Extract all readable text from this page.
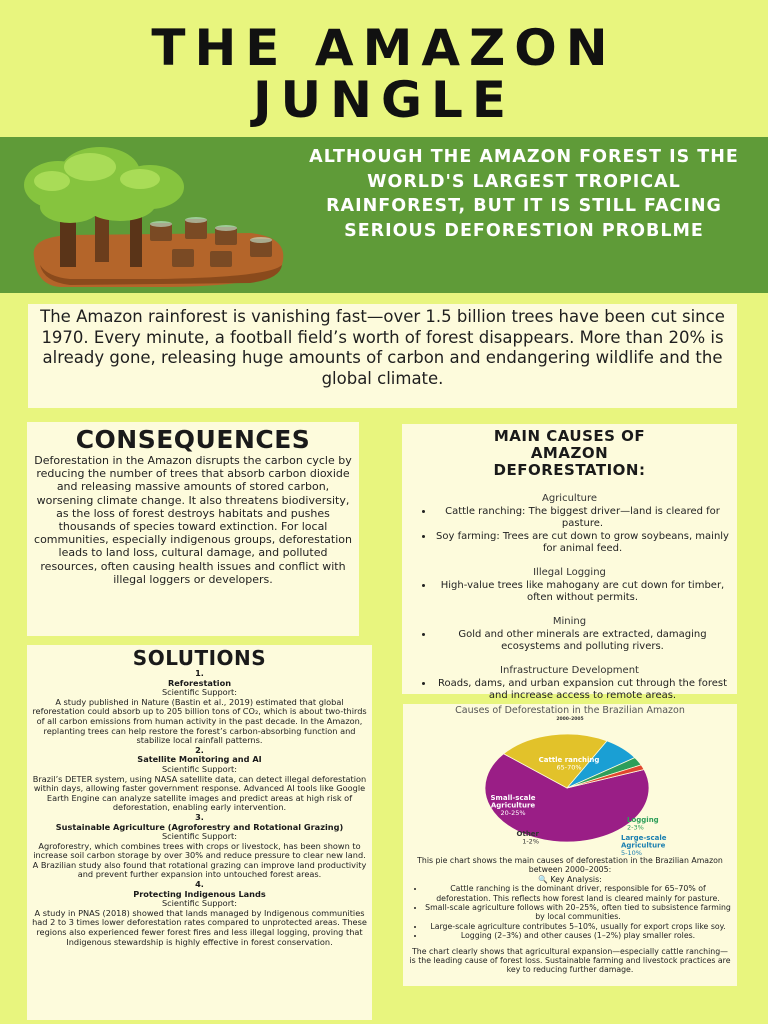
THE AMAZON
JUNGLE
ALTHOUGH THE AMAZON FOREST IS THE WORLD'S LARGEST TROPICAL RAINFOREST, BUT IT IS STILL FACING SERIOUS DEFORESTION PROBLME
The Amazon rainforest is vanishing fast—over 1.5 billion trees have been cut since 1970. Every minute, a football field’s worth of forest disappears. More than 20% is already gone, releasing huge amounts of carbon and endangering wildlife and the global climate.
CONSEQUENCES

Deforestation in the Amazon disrupts the carbon cycle by reducing the number of trees that absorb carbon dioxide and releasing massive amounts of stored carbon, worsening climate change. It also threatens biodiversity, as the loss of forest destroys habitats and pushes thousands of species toward extinction. For local communities, especially indigenous groups, deforestation leads to land loss, cultural damage, and polluted resources, often causing health issues and conflict with illegal loggers or developers.

MAIN CAUSES OF AMAZON DEFORESTATION:
Agriculture
• Cattle ranching: The biggest driver—land is cleared for pasture.
• Soy farming: Trees are cut down to grow soybeans, mainly for animal feed.
Illegal Logging
• High-value trees like mahogany are cut down for timber, often without permits.
Mining
• Gold and other minerals are extracted, damaging ecosystems and polluting rivers.
Infrastructure Development
• Roads, dams, and urban expansion cut through the forest and increase access to remote areas.
SOLUTIONS
1.
Reforestation
Scientific Support:
A study published in Nature (Bastin et al., 2019) estimated that global reforestation could absorb up to 205 billion tons of CO₂, which is about two-thirds of all carbon emissions from human activity in the past decade. In the Amazon, replanting trees can help restore the forest’s carbon-absorbing function and stabilize local rainfall patterns.
2.
Satellite Monitoring and AI
Scientific Support:
Brazil’s DETER system, using NASA satellite data, can detect illegal deforestation within days, allowing faster government response. Advanced AI tools like Google Earth Engine can analyze satellite images and predict areas at high risk of deforestation, enabling early intervention.
3.
Sustainable Agriculture (Agroforestry and Rotational Grazing)
Scientific Support:
Agroforestry, which combines trees with crops or livestock, has been shown to increase soil carbon storage by over 30% and reduce pressure to clear new land. A Brazilian study also found that rotational grazing can improve land productivity and prevent further expansion into untouched forest areas.
4.
Protecting Indigenous Lands
Scientific Support:
A study in PNAS (2018) showed that lands managed by Indigenous communities had 2 to 3 times lower deforestation rates compared to unprotected areas. These regions also experienced fewer forest fires and less illegal logging, proving that Indigenous stewardship is highly effective in forest conservation.
Causes of Deforestation in the Brazilian Amazon
2000–2005
Cattle ranching
65-70%
Small-scale
Agriculture
20-25%
Large-scale
Agriculture
5-10%
Logging
2-3%
Other
1-2%

This pie chart shows the main causes of deforestation in the Brazilian Amazon between 2000–2005:

🔍 Key Analysis:

• Cattle ranching is the dominant driver, responsible for 65–70% of deforestation. This reflects how forest land is cleared mainly for pasture.
• Small-scale agriculture follows with 20–25%, often tied to subsistence farming by local communities.
• Large-scale agriculture contributes 5–10%, usually for export crops like soy.
• Logging (2–3%) and other causes (1–2%) play smaller roles.

The chart clearly shows that agricultural expansion—especially cattle ranching—is the leading cause of forest loss. Sustainable farming and livestock practices are key to reducing further damage.
